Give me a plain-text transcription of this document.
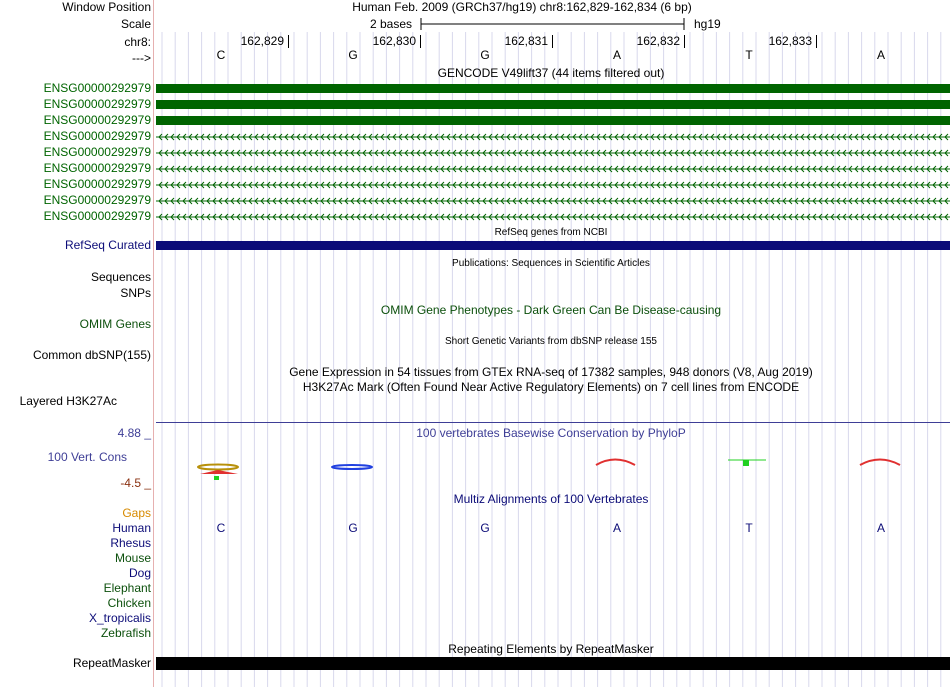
Window Position
Scale
chr8:
--->
ENSG00000292979
ENSG00000292979
ENSG00000292979
ENSG00000292979
ENSG00000292979
ENSG00000292979
ENSG00000292979
ENSG00000292979
ENSG00000292979
RefSeq Curated
Sequences
SNPs
OMIM Genes
Common dbSNP(155)
Layered H3K27Ac
4.88 _
100 Vert. Cons
-4.5 _
Gaps
Human
Rhesus
Mouse
Dog
Elephant
Chicken
X_tropicalis
Zebrafish
RepeatMasker
Human Feb. 2009 (GRCh37/hg19) chr8:162,829-162,834 (6 bp)
2 bases	hg19
162,829	162,830	162,831	162,832	162,833
C	G	G	A	T	A
GENCODE V49lift37 (44 items filtered out)
RefSeq genes from NCBI
Publications: Sequences in Scientific Articles
OMIM Gene Phenotypes - Dark Green Can Be Disease-causing
Short Genetic Variants from dbSNP release 155
Gene Expression in 54 tissues from GTEx RNA-seq of 17382 samples, 948 donors (V8, Aug 2019)
H3K27Ac Mark (Often Found Near Active Regulatory Elements) on 7 cell lines from ENCODE
100 vertebrates Basewise Conservation by PhyloP
Multiz Alignments of 100 Vertebrates
C	G	G	A	T	A
Repeating Elements by RepeatMasker
